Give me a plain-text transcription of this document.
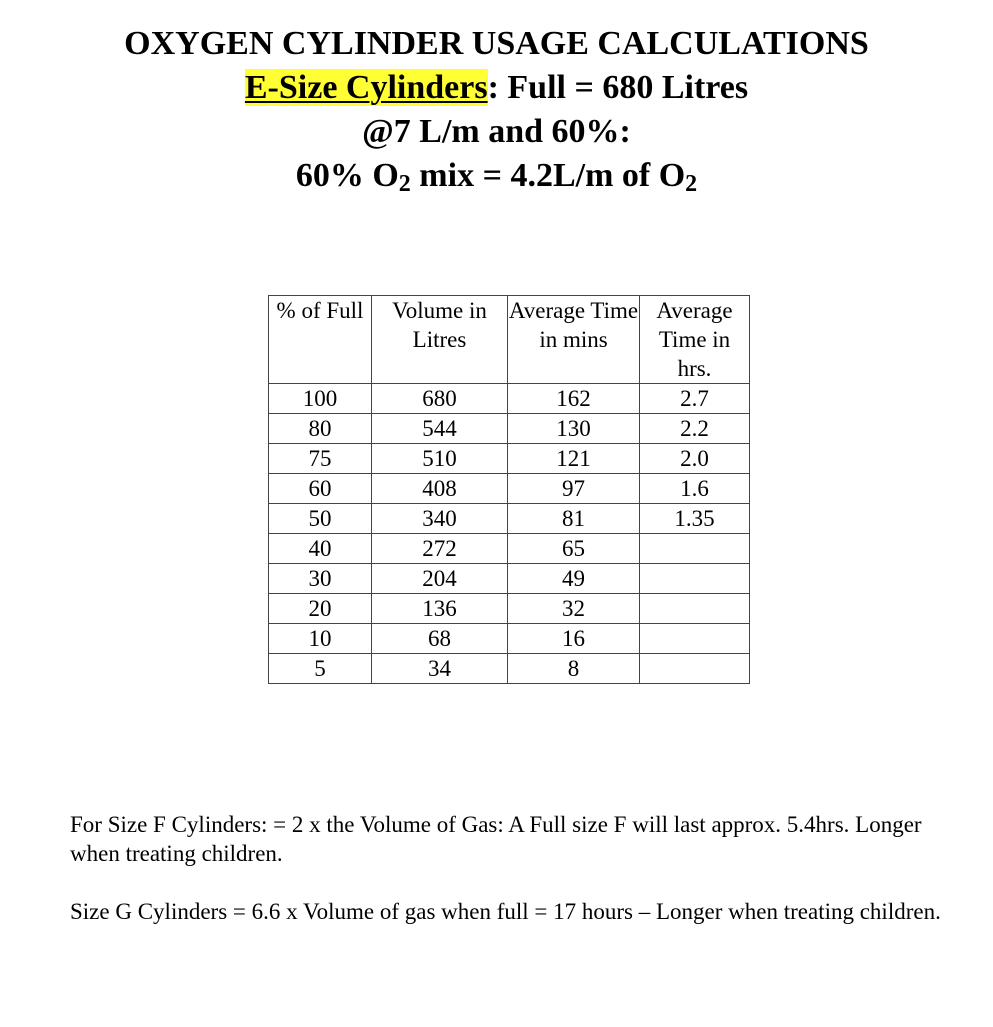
OXYGEN CYLINDER USAGE CALCULATIONS
E-Size Cylinders: Full = 680 Litres
@7 L/m and 60%:
60% O2 mix = 4.2L/m of O2
% of Full	Volume in Litres	Average Time in mins	Average Time in hrs.
100	680	162	2.7
80	544	130	2.2
75	510	121	2.0
60	408	97	1.6
50	340	81	1.35
40	272	65	
30	204	49	
20	136	32	
10	68	16	
5	34	8	

For Size F Cylinders: = 2 x the Volume of Gas: A Full size F will last approx. 5.4hrs. Longer when treating children.

Size G Cylinders = 6.6 x Volume of gas when full = 17 hours – Longer when treating children.
